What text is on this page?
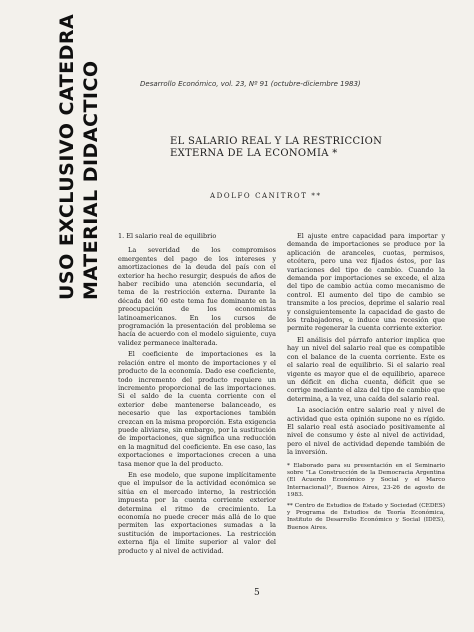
USO EXCLUSIVO CATEDRA MATERIAL DIDACTICO	Desarrollo Económico, vol. 23, Nº 91 (octubre-diciembre 1983)
EL SALARIO REAL Y LA RESTRICCION EXTERNA DE LA ECONOMIA *
ADOLFO CANITROT **
1. El salario real de equilibrio

La severidad de los compromisos emergentes del pago de los intereses y amortizaciones de la deuda del país con el exterior ha hecho resurgir, después de años de haber recibido una atención secundaria, el tema de la restricción externa. Durante la década del '60 este tema fue dominante en la preocupación de los economistas latinoamericanos. En los cursos de programación la presentación del problema se hacía de acuerdo con el modelo siguiente, cuya validez permanece inalterada.

El coeficiente de importaciones es la relación entre el monto de importaciones y el producto de la economía. Dado ese coeficiente, todo incremento del producto requiere un incremento proporcional de las importaciones. Si el saldo de la cuenta corriente con el exterior debe mantenerse balanceado, es necesario que las exportaciones también crezcan en la misma proporción. Esta exigencia puede aliviarse, sin embargo, por la sustitución de importaciones, que significa una reducción en la magnitud del coeficiente. En ese caso, las exportaciones e importaciones crecen a una tasa menor que la del producto.

En ese modelo, que supone implícitamente que el impulsor de la actividad económica se sitúa en el mercado interno, la restricción impuesta por la cuenta corriente exterior determina el ritmo de crecimiento. La economía no puede crecer más allá de lo que permiten las exportaciones sumadas a la sustitución de importaciones. La restricción externa fija el límite superior al valor del producto y al nivel de actividad.

El ajuste entre capacidad para importar y demanda de importaciones se produce por la aplicación de aranceles, cuotas, permisos, etcétera, pero una vez fijados éstos, por las variaciones del tipo de cambio. Cuando la demanda por importaciones se excede, el alza del tipo de cambio actúa como mecanismo de control. El aumento del tipo de cambio se transmite a los precios, deprime el salario real y consiguientemente la capacidad de gasto de los trabajadores, e induce una recesión que permite regenerar la cuenta corriente exterior.

El análisis del párrafo anterior implica que hay un nivel del salario real que es compatible con el balance de la cuenta corriente. Este es el salario real de equilibrio. Si el salario real vigente es mayor que el de equilibrio, aparece un déficit en dicha cuenta, déficit que se corrige mediante el alza del tipo de cambio que determina, a la vez, una caída del salario real.

La asociación entre salario real y nivel de actividad que esta opinión supone no es rígido. El salario real está asociado positivamente al nivel de consumo y éste al nivel de actividad, pero el nivel de actividad depende también de la inversión.

* Elaborado para su presentación en el Seminario sobre "La Construcción de la Democracia Argentina (El Acuerdo Económico y Social y el Marco Internacional)", Buenos Aires, 23-26 de agosto de 1983.

** Centro de Estudios de Estado y Sociedad (CEDES) y Programa de Estudios de Teoría Económica, Instituto de Desarrollo Económico y Social (IDES), Buenos Aires.

5
